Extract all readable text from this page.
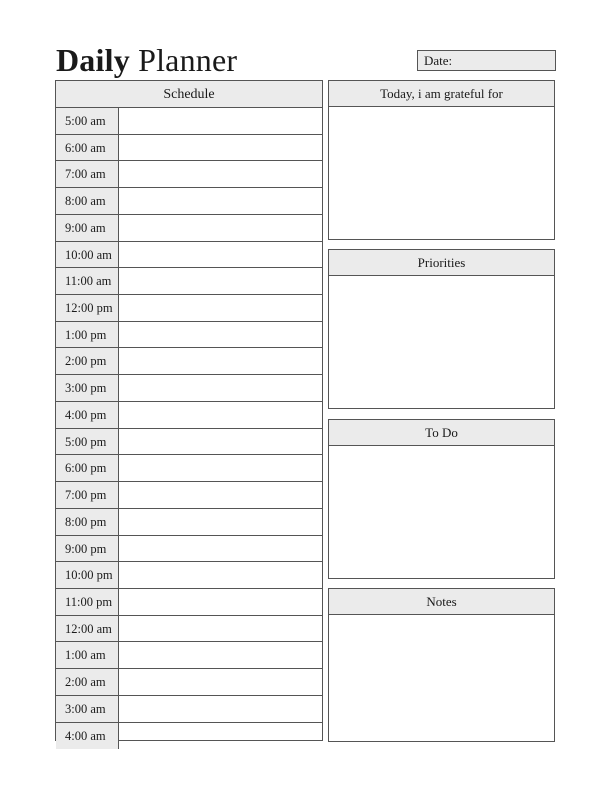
Daily Planner	Date:
Schedule
5:00 am
6:00 am
7:00 am
8:00 am
9:00 am
10:00 am
11:00 am
12:00 pm
1:00 pm
2:00 pm
3:00 pm
4:00 pm
5:00 pm
6:00 pm
7:00 pm
8:00 pm
9:00 pm
10:00 pm
11:00 pm
12:00 am
1:00 am
2:00 am
3:00 am
4:00 am
Today, i am grateful for
Priorities
To Do
Notes
